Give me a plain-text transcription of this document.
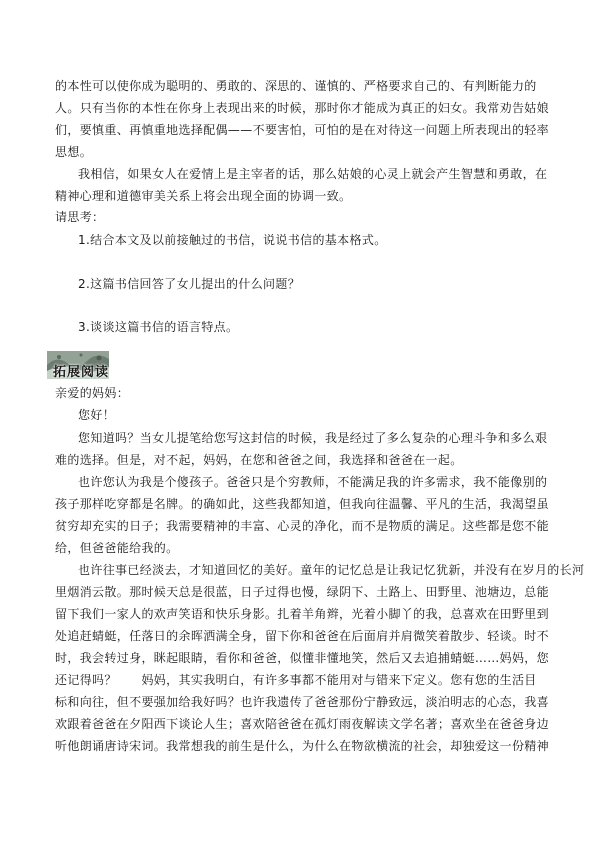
的本性可以使你成为聪明的、勇敢的、深思的、谨慎的、严格要求自己的、有判断能力的
人。只有当你的本性在你身上表现出来的时候，那时你才能成为真正的妇女。我常劝告姑娘
们，要慎重、再慎重地选择配偶——不要害怕，可怕的是在对待这一问题上所表现出的轻率
思想。
我相信，如果女人在爱情上是主宰者的话，那么姑娘的心灵上就会产生智慧和勇敢，在
精神心理和道德审美关系上将会出现全面的协调一致。
请思考：
1.结合本文及以前接触过的书信，说说书信的基本格式。
2.这篇书信回答了女儿提出的什么问题？
3.谈谈这篇书信的语言特点。
拓展阅读
亲爱的妈妈：
您好！
您知道吗？当女儿提笔给您写这封信的时候，我是经过了多么复杂的心理斗争和多么艰
难的选择。但是，对不起，妈妈，在您和爸爸之间，我选择和爸爸在一起。
也许您认为我是个傻孩子。爸爸只是个穷教师，不能满足我的许多需求，我不能像别的
孩子那样吃穿都是名牌。的确如此，这些我都知道，但我向往温馨、平凡的生活，我渴望虽
贫穷却充实的日子；我需要精神的丰富、心灵的净化，而不是物质的满足。这些都是您不能
给，但爸爸能给我的。
也许往事已经淡去，才知道回忆的美好。童年的记忆总是让我记忆犹新，并没有在岁月的长河
里烟消云散。那时候天总是很蓝，日子过得也慢，绿阴下、土路上、田野里、池塘边，总能
留下我们一家人的欢声笑语和快乐身影。扎着羊角辫，光着小脚丫的我，总喜欢在田野里到
处追赶蜻蜓，任落日的余晖洒满全身，留下你和爸爸在后面肩并肩微笑着散步、轻谈。时不
时，我会转过身，眯起眼睛，看你和爸爸，似懂非懂地笑，然后又去追捕蜻蜓……妈妈，您
还记得吗？　　妈妈，其实我明白，有许多事都不能用对与错来下定义。您有您的生活目
标和向往，但不要强加给我好吗？也许我遗传了爸爸那份宁静致远，淡泊明志的心态，我喜
欢跟着爸爸在夕阳西下谈论人生；喜欢陪爸爸在孤灯雨夜解读文学名著；喜欢坐在爸爸身边
听他朗诵唐诗宋词。我常想我的前生是什么，为什么在物欲横流的社会，却独爱这一份精神
